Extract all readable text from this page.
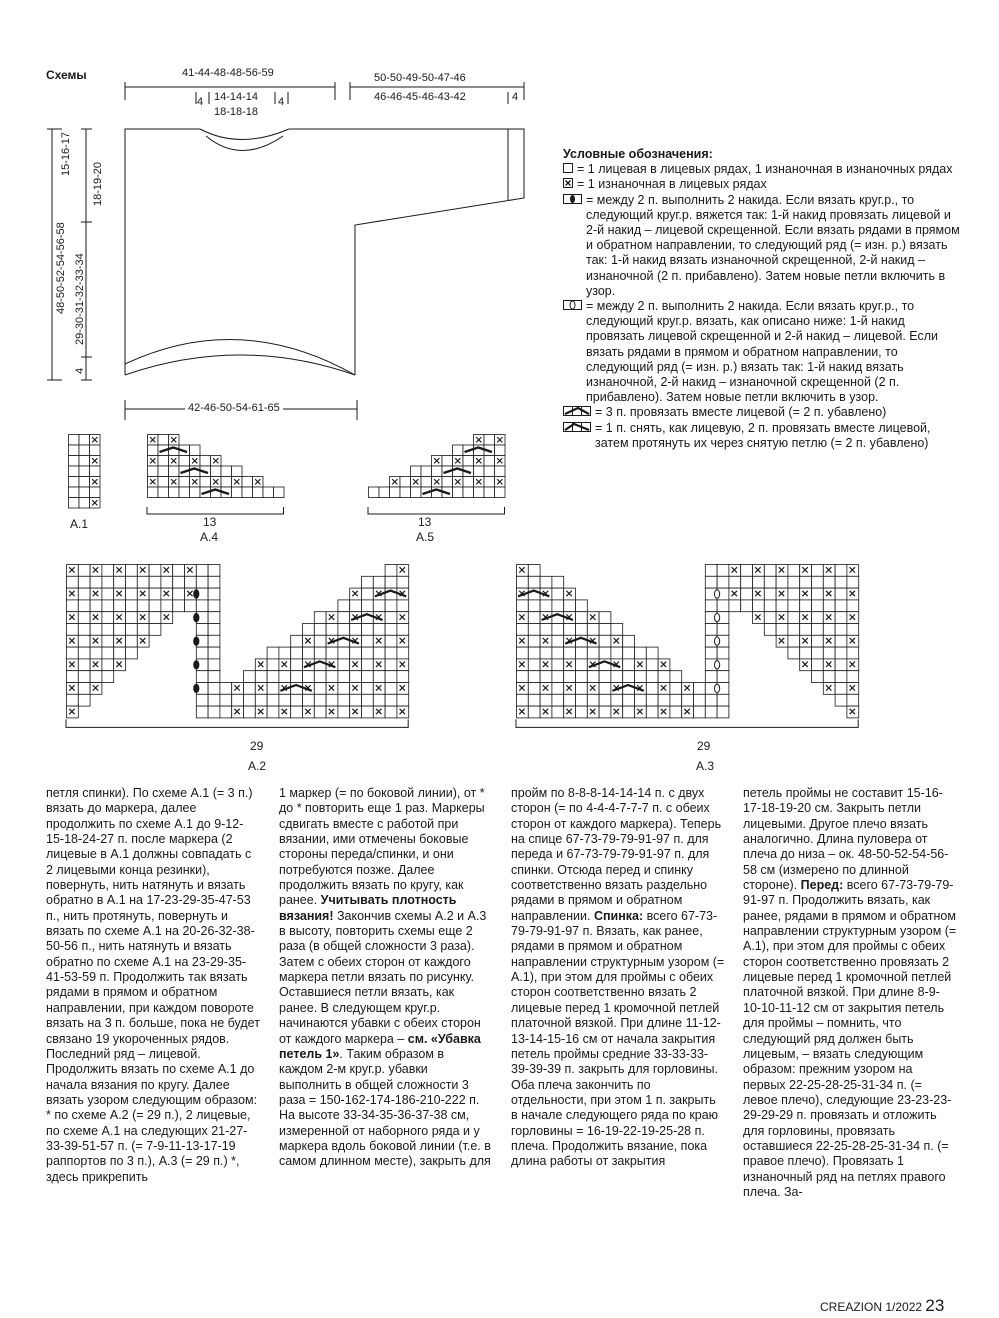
Схемы	41-44-48-48-56-59
4 14-14-14
18-18-18
4
50-50-49-50-47-46
46-46-45-46-43-42	4
15-16-17
18-19-20
48-50-52-54-56-58 29-30-31-32-33-34
4
42-46-50-54-61-65
Условные обозначения:
= 1 лицевая в лицевых рядах, 1 изнаночная в изнаночных рядах
= 1 изнаночная в лицевых рядах
= между 2 п. выполнить 2 накида. Если вязать круг.р., то следующий круг.р. вяжется так: 1-й накид провязать лицевой и 2-й накид – лицевой скрещенной. Если вязать рядами в прямом и обратном направлении, то следующий ряд (= изн. р.) вязать так: 1-й накид вязать изнаночной скрещенной, 2-й накид – изнаночной (2 п. прибавлено). Затем новые петли включить в узор.
= между 2 п. выполнить 2 накида. Если вязать круг.р., то следующий круг.р. вязать, как описано ниже: 1-й накид провязать лицевой скрещенной и 2-й накид – лицевой. Если вязать рядами в прямом и обратном направлении, то следующий ряд (= изн. р.) вязать так: 1-й накид вязать изнаночной, 2-й накид – изнаночной скрещенной (2 п. прибавлено). Затем новые петли включить в узор.
= 3 п. провязать вместе лицевой (= 2 п. убавлено)
= 1 п. снять, как лицевую, 2 п. провязать вместе лицевой, затем протянуть их через снятую петлю (= 2 п. убавлено)
A.1	13
A.4
13
A.5
29
A.2
29
A.3

петля спинки). По схеме A.1 (= 3 п.) вязать до маркера, далее продолжить по схеме A.1 до 9-12-15-18-24-27 п. после маркера (2 лицевые в A.1 должны совпадать с 2 лицевыми конца резинки), повернуть, нить натянуть и вязать обратно в A.1 на 17-23-29-35-47-53 п., нить протянуть, повернуть и вязать по схеме A.1 на 20-26-32-38-50-56 п., нить натянуть и вязать обратно по схеме A.1 на 23-29-35-41-53-59 п. Продолжить так вязать рядами в прямом и обратном направлении, при каждом повороте вязать на 3 п. больше, пока не будет связано 19 укороченных рядов. Последний ряд – лицевой. Продолжить вязать по схеме A.1 до начала вязания по кругу. Далее вязать узором следующим образом: * по схеме A.2 (= 29 п.), 2 лицевые, по схеме A.1 на следующих 21-27-33-39-51-57 п. (= 7-9-11-13-17-19 раппортов по 3 п.), A.3 (= 29 п.) *, здесь прикрепить

1 маркер (= по боковой линии), от * до * повторить еще 1 раз. Маркеры сдвигать вместе с работой при вязании, ими отмечены боковые стороны переда/спинки, и они потребуются позже. Далее продолжить вязать по кругу, как ранее. Учитывать плотность вязания! Закончив схемы A.2 и A.3 в высоту, повторить схемы еще 2 раза (в общей сложности 3 раза). Затем с обеих сторон от каждого маркера петли вязать по рисунку. Оставшиеся петли вязать, как ранее. В следующем круг.р. начинаются убавки с обеих сторон от каждого маркера – см. «Убавка петель 1». Таким образом в каждом 2-м круг.р. убавки выполнить в общей сложности 3 раза = 150-162-174-186-210-222 п. На высоте 33-34-35-36-37-38 см, измеренной от наборного ряда и у маркера вдоль боковой линии (т.е. в самом длинном месте), закрыть для

пройм по 8-8-8-14-14-14 п. с двух сторон (= по 4-4-4-7-7-7 п. с обеих сторон от каждого маркера). Теперь на спице 67-73-79-79-91-97 п. для переда и 67-73-79-79-91-97 п. для спинки. Отсюда перед и спинку соответственно вязать раздельно рядами в прямом и обратном направлении. Спинка: всего 67-73-79-79-91-97 п. Вязать, как ранее, рядами в прямом и обратном направлении структурным узором (= A.1), при этом для проймы с обеих сторон соответственно вязать 2 лицевые перед 1 кромочной петлей платочной вязкой. При длине 11-12-13-14-15-16 см от начала закрытия петель проймы средние 33-33-33-39-39-39 п. закрыть для горловины. Оба плеча закончить по отдельности, при этом 1 п. закрыть в начале следующего ряда по краю горловины = 16-19-22-19-25-28 п. плеча. Продолжить вязание, пока длина работы от закрытия

петель проймы не составит 15-16-17-18-19-20 см. Закрыть петли лицевыми. Другое плечо вязать аналогично. Длина пуловера от плеча до низа – ок. 48-50-52-54-56-58 см (измерено по длинной стороне). Перед: всего 67-73-79-79-91-97 п. Продолжить вязать, как ранее, рядами в прямом и обратном направлении структурным узором (= A.1), при этом для проймы с обеих сторон соответственно провязать 2 лицевые перед 1 кромочной петлей платочной вязкой. При длине 8-9-10-10-11-12 см от закрытия петель для проймы – помнить, что следующий ряд должен быть лицевым, – вязать следующим образом: прежним узором на первых 22-25-28-25-31-34 п. (= левое плечо), следующие 23-23-23-29-29-29 п. провязать и отложить для горловины, провязать оставшиеся 22-25-28-25-31-34 п. (= правое плечо). Провязать 1 изнаночный ряд на петлях правого плеча. За-

CREAZION 1/2022 23
